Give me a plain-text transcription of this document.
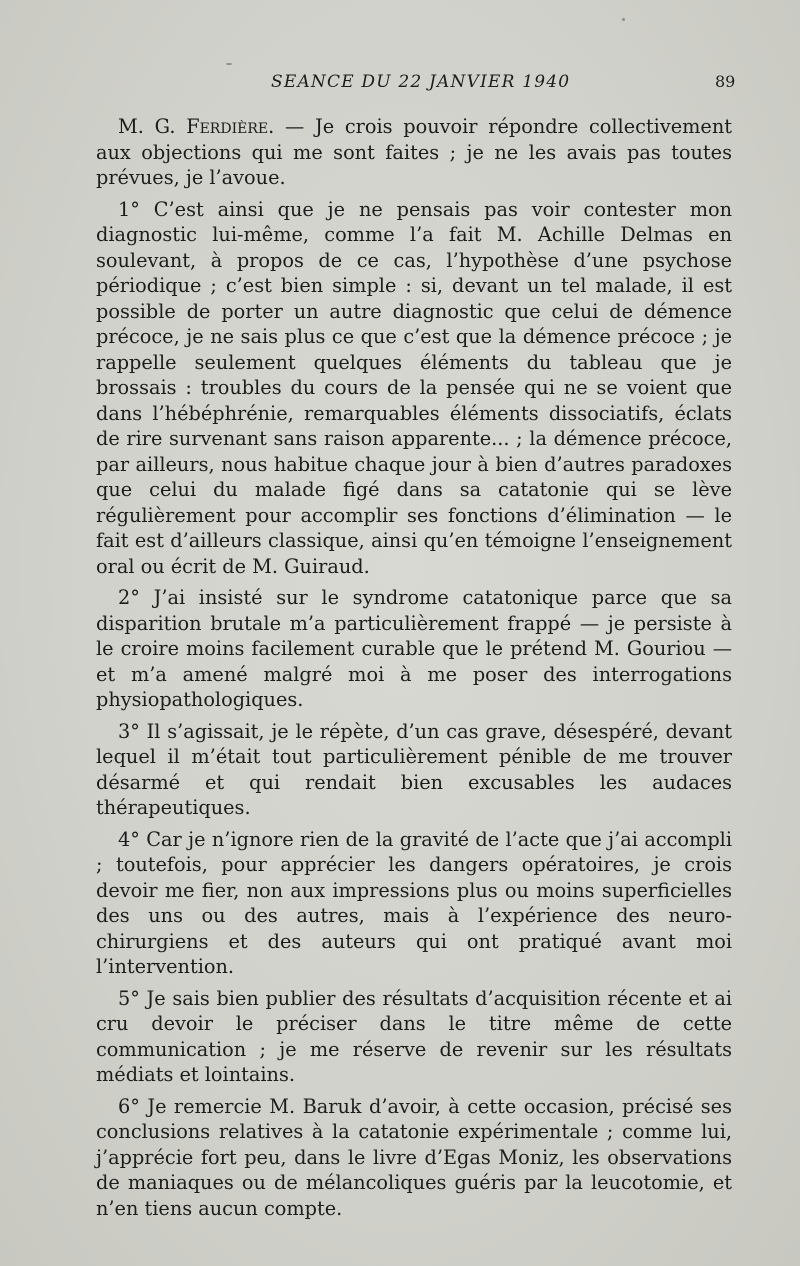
SEANCE DU 22 JANVIER 1940	89

M. G. Ferdière. — Je crois pouvoir répondre collectivement aux objections qui me sont faites ; je ne les avais pas toutes prévues, je l’avoue.

1° C’est ainsi que je ne pensais pas voir contester mon diagnostic lui-même, comme l’a fait M. Achille Delmas en soulevant, à propos de ce cas, l’hypothèse d’une psychose périodique ; c’est bien simple : si, devant un tel malade, il est possible de porter un autre diagnostic que celui de démence précoce, je ne sais plus ce que c’est que la démence précoce ; je rappelle seulement quelques éléments du tableau que je brossais : troubles du cours de la pensée qui ne se voient que dans l’hébéphrénie, remarquables éléments dissociatifs, éclats de rire survenant sans raison apparente... ; la démence précoce, par ailleurs, nous habitue chaque jour à bien d’autres paradoxes que celui du malade figé dans sa catatonie qui se lève régulièrement pour accomplir ses fonctions d’élimination — le fait est d’ailleurs classique, ainsi qu’en témoigne l’enseignement oral ou écrit de M. Guiraud.

2° J’ai insisté sur le syndrome catatonique parce que sa disparition brutale m’a particulièrement frappé — je persiste à le croire moins facilement curable que le prétend M. Gouriou — et m’a amené malgré moi à me poser des interrogations physiopathologiques.

3° Il s’agissait, je le répète, d’un cas grave, désespéré, devant lequel il m’était tout particulièrement pénible de me trouver désarmé et qui rendait bien excusables les audaces thérapeutiques.

4° Car je n’ignore rien de la gravité de l’acte que j’ai accompli ; toutefois, pour apprécier les dangers opératoires, je crois devoir me fier, non aux impressions plus ou moins superficielles des uns ou des autres, mais à l’expérience des neuro-chirurgiens et des auteurs qui ont pratiqué avant moi l’intervention.

5° Je sais bien publier des résultats d’acquisition récente et ai cru devoir le préciser dans le titre même de cette communication ; je me réserve de revenir sur les résultats médiats et lointains.

6° Je remercie M. Baruk d’avoir, à cette occasion, précisé ses conclusions relatives à la catatonie expérimentale ; comme lui, j’apprécie fort peu, dans le livre d’Egas Moniz, les observations de maniaques ou de mélancoliques guéris par la leucotomie, et n’en tiens aucun compte.
